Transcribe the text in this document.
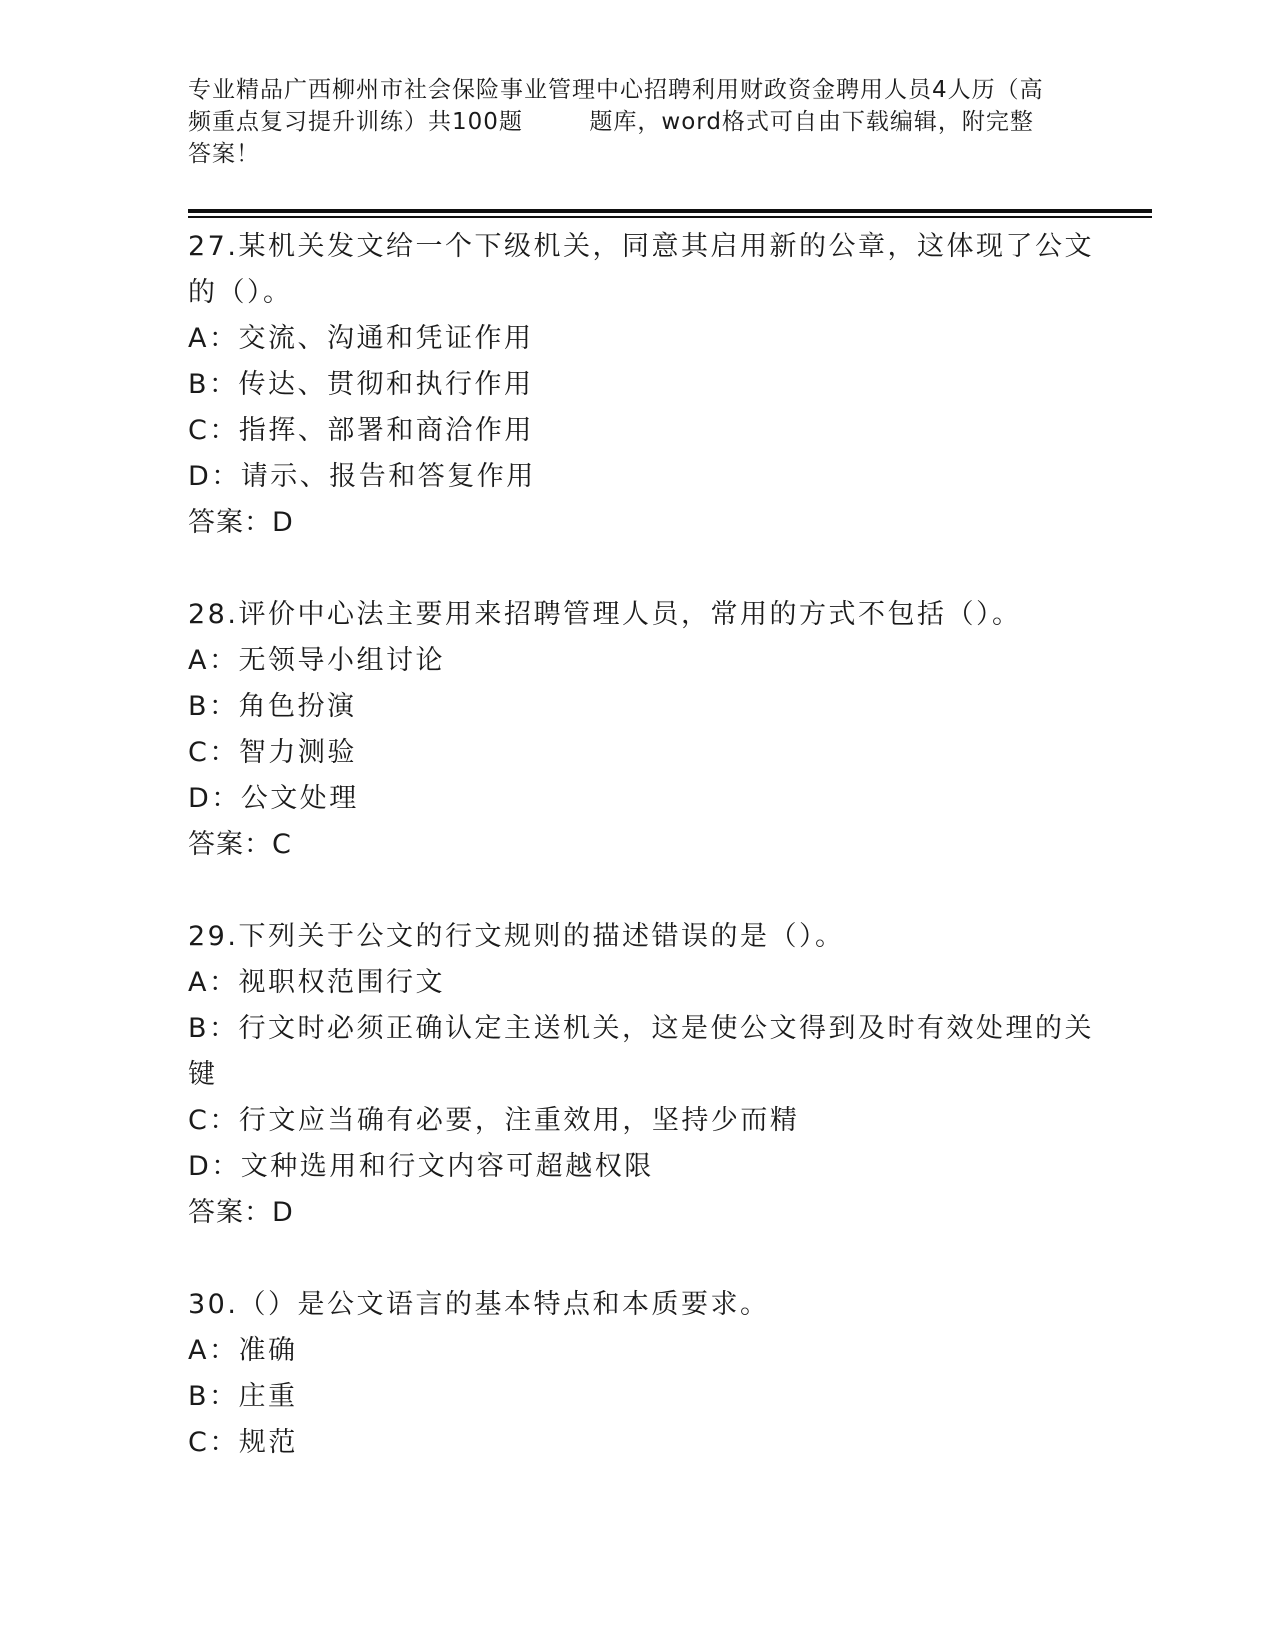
专业精品广西柳州市社会保险事业管理中心招聘利用财政资金聘用人员4人历（高
频重点复习提升训练）共100题        题库，word格式可自由下载编辑，附完整
答案！
27.某机关发文给一个下级机关，同意其启用新的公章，这体现了公文
的（）。
A：交流、沟通和凭证作用
B：传达、贯彻和执行作用
C：指挥、部署和商洽作用
D：请示、报告和答复作用
答案：D
28.评价中心法主要用来招聘管理人员，常用的方式不包括（）。
A：无领导小组讨论
B：角色扮演
C：智力测验
D：公文处理
答案：C
29.下列关于公文的行文规则的描述错误的是（）。
A：视职权范围行文
B：行文时必须正确认定主送机关，这是使公文得到及时有效处理的关
键
C：行文应当确有必要，注重效用，坚持少而精
D：文种选用和行文内容可超越权限
答案：D
30.（）是公文语言的基本特点和本质要求。
A：准确
B：庄重
C：规范
